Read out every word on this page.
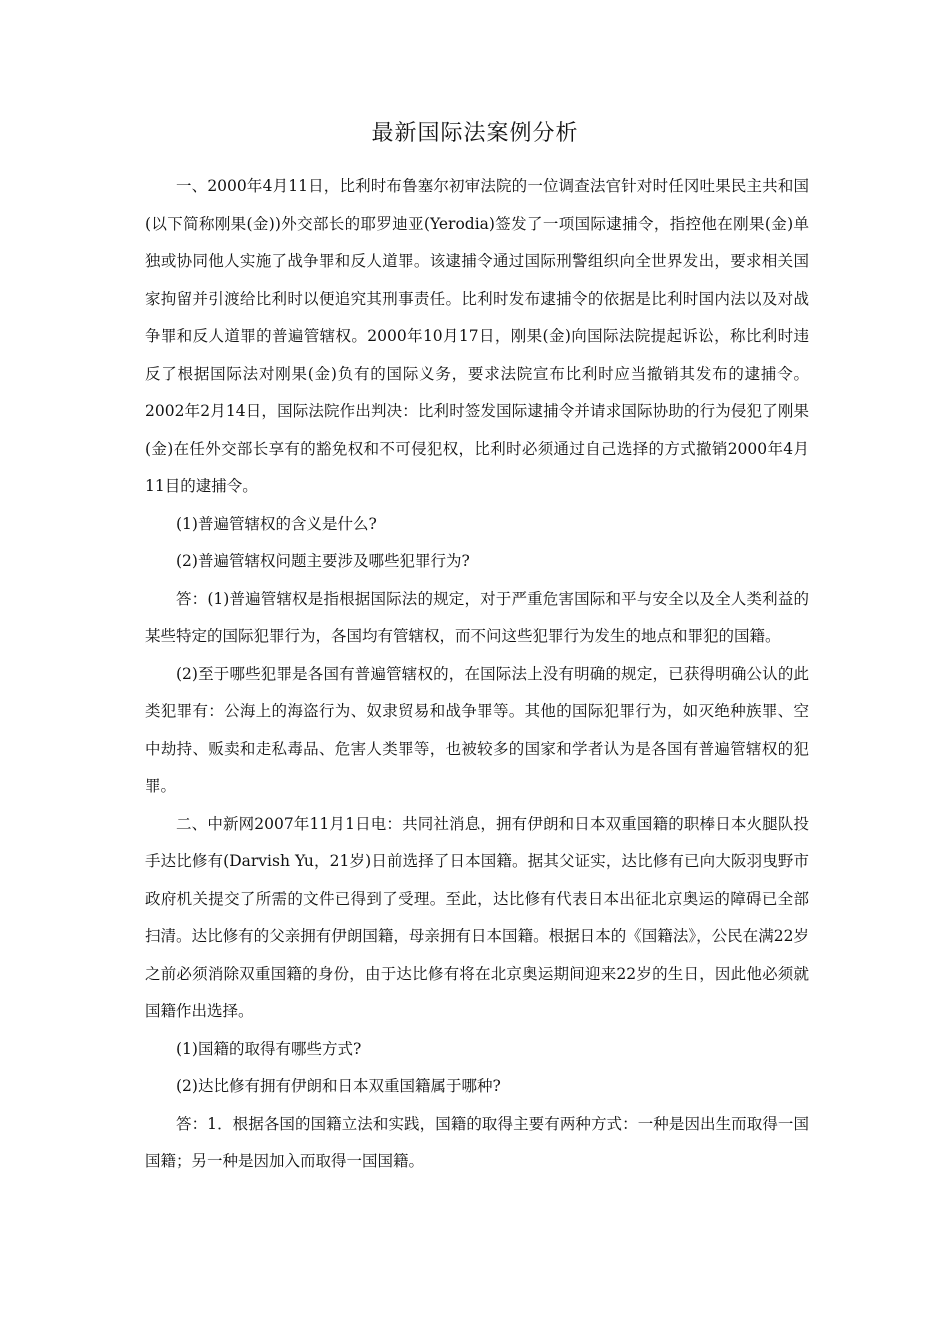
最新国际法案例分析

一、2000年4月11日，比利时布鲁塞尔初审法院的一位调查法官针对时任冈吐果民主共和国(以下简称刚果(金))外交部长的耶罗迪亚(Yerodia)签发了一项国际逮捕令，指控他在刚果(金)单独或协同他人实施了战争罪和反人道罪。该逮捕令通过国际刑警组织向全世界发出，要求相关国家拘留并引渡给比利时以便追究其刑事责任。比利时发布逮捕令的依据是比利时国内法以及对战争罪和反人道罪的普遍管辖权。2000年10月17日，刚果(金)向国际法院提起诉讼，称比利时违反了根据国际法对刚果(金)负有的国际义务，要求法院宣布比利时应当撤销其发布的逮捕令。2002年2月14日，国际法院作出判决：比利时签发国际逮捕令并请求国际协助的行为侵犯了刚果(金)在任外交部长享有的豁免权和不可侵犯权，比利时必须通过自己选择的方式撤销2000年4月11目的逮捕令。

(1)普遍管辖权的含义是什么?

(2)普遍管辖权问题主要涉及哪些犯罪行为?

答：(1)普遍管辖权是指根据国际法的规定，对于严重危害国际和平与安全以及全人类利益的某些特定的国际犯罪行为，各国均有管辖权，而不问这些犯罪行为发生的地点和罪犯的国籍。

(2)至于哪些犯罪是各国有普遍管辖权的，在国际法上没有明确的规定，已获得明确公认的此类犯罪有：公海上的海盗行为、奴隶贸易和战争罪等。其他的国际犯罪行为，如灭绝种族罪、空中劫持、贩卖和走私毒品、危害人类罪等，也被较多的国家和学者认为是各国有普遍管辖权的犯罪。

二、中新网2007年11月1日电：共同社消息，拥有伊朗和日本双重国籍的职棒日本火腿队投手达比修有(Darvish Yu，21岁)日前选择了日本国籍。据其父证实，达比修有已向大阪羽曳野市政府机关提交了所需的文件已得到了受理。至此，达比修有代表日本出征北京奥运的障碍已全部扫清。达比修有的父亲拥有伊朗国籍，母亲拥有日本国籍。根据日本的《国籍法》，公民在满22岁之前必须消除双重国籍的身份，由于达比修有将在北京奥运期间迎来22岁的生日，因此他必须就国籍作出选择。

(1)国籍的取得有哪些方式?

(2)达比修有拥有伊朗和日本双重国籍属于哪种?

答：1．根据各国的国籍立法和实践，国籍的取得主要有两种方式：一种是因出生而取得一国国籍；另一种是因加入而取得一国国籍。
